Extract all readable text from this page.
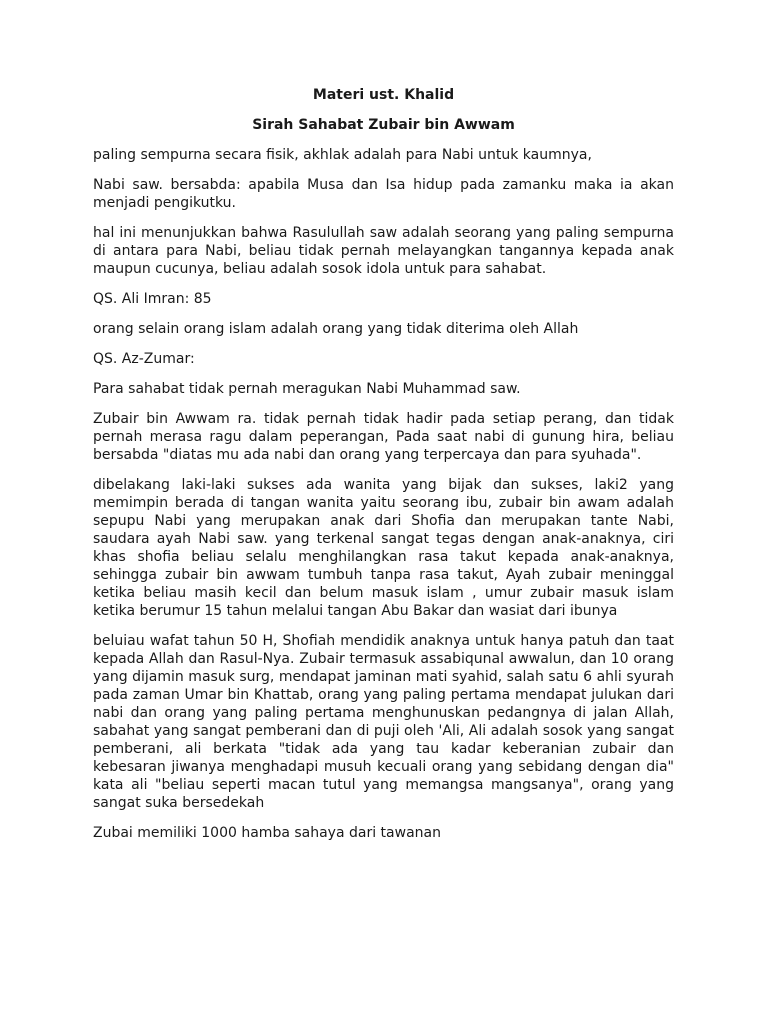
Materi ust. Khalid

Sirah Sahabat Zubair bin Awwam

paling sempurna secara fisik, akhlak adalah para Nabi untuk kaumnya,

Nabi saw. bersabda: apabila Musa dan Isa hidup pada zamanku maka ia akan menjadi pengikutku.

hal ini menunjukkan bahwa Rasulullah saw adalah seorang yang paling sempurna di antara para Nabi, beliau tidak pernah melayangkan tangannya kepada anak maupun cucunya, beliau adalah sosok idola untuk para sahabat.

QS. Ali Imran: 85

orang selain orang islam adalah orang yang tidak diterima oleh Allah

QS. Az-Zumar:

Para sahabat tidak pernah meragukan Nabi Muhammad saw.

Zubair bin Awwam ra. tidak pernah tidak hadir pada setiap perang, dan tidak pernah merasa ragu dalam peperangan, Pada saat nabi di gunung hira, beliau bersabda "diatas mu ada nabi dan orang yang terpercaya dan para syuhada".

dibelakang laki-laki sukses ada wanita yang bijak dan sukses, laki2 yang memimpin berada di tangan wanita yaitu seorang ibu, zubair bin awam adalah sepupu Nabi yang merupakan anak dari Shofia dan merupakan tante Nabi, saudara ayah Nabi saw. yang terkenal sangat tegas dengan anak-anaknya, ciri khas shofia beliau selalu menghilangkan rasa takut kepada anak-anaknya, sehingga zubair bin awwam tumbuh tanpa rasa takut, Ayah zubair meninggal ketika beliau masih kecil dan belum masuk islam , umur zubair masuk islam ketika berumur 15 tahun melalui tangan Abu Bakar dan wasiat dari ibunya

beluiau wafat tahun 50 H, Shofiah mendidik anaknya untuk hanya patuh dan taat kepada Allah dan Rasul-Nya. Zubair termasuk assabiqunal awwalun, dan 10 orang yang dijamin masuk surg, mendapat jaminan mati syahid, salah satu 6 ahli syurah pada zaman Umar bin Khattab, orang yang paling pertama mendapat julukan dari nabi dan orang yang paling pertama menghunuskan pedangnya di jalan Allah, sabahat yang sangat pemberani dan di puji oleh 'Ali, Ali adalah sosok yang sangat pemberani, ali berkata "tidak ada yang tau kadar keberanian zubair dan kebesaran jiwanya menghadapi musuh kecuali orang yang sebidang dengan dia" kata ali "beliau seperti macan tutul yang memangsa mangsanya", orang yang sangat suka bersedekah

Zubai memiliki 1000 hamba sahaya dari tawanan
